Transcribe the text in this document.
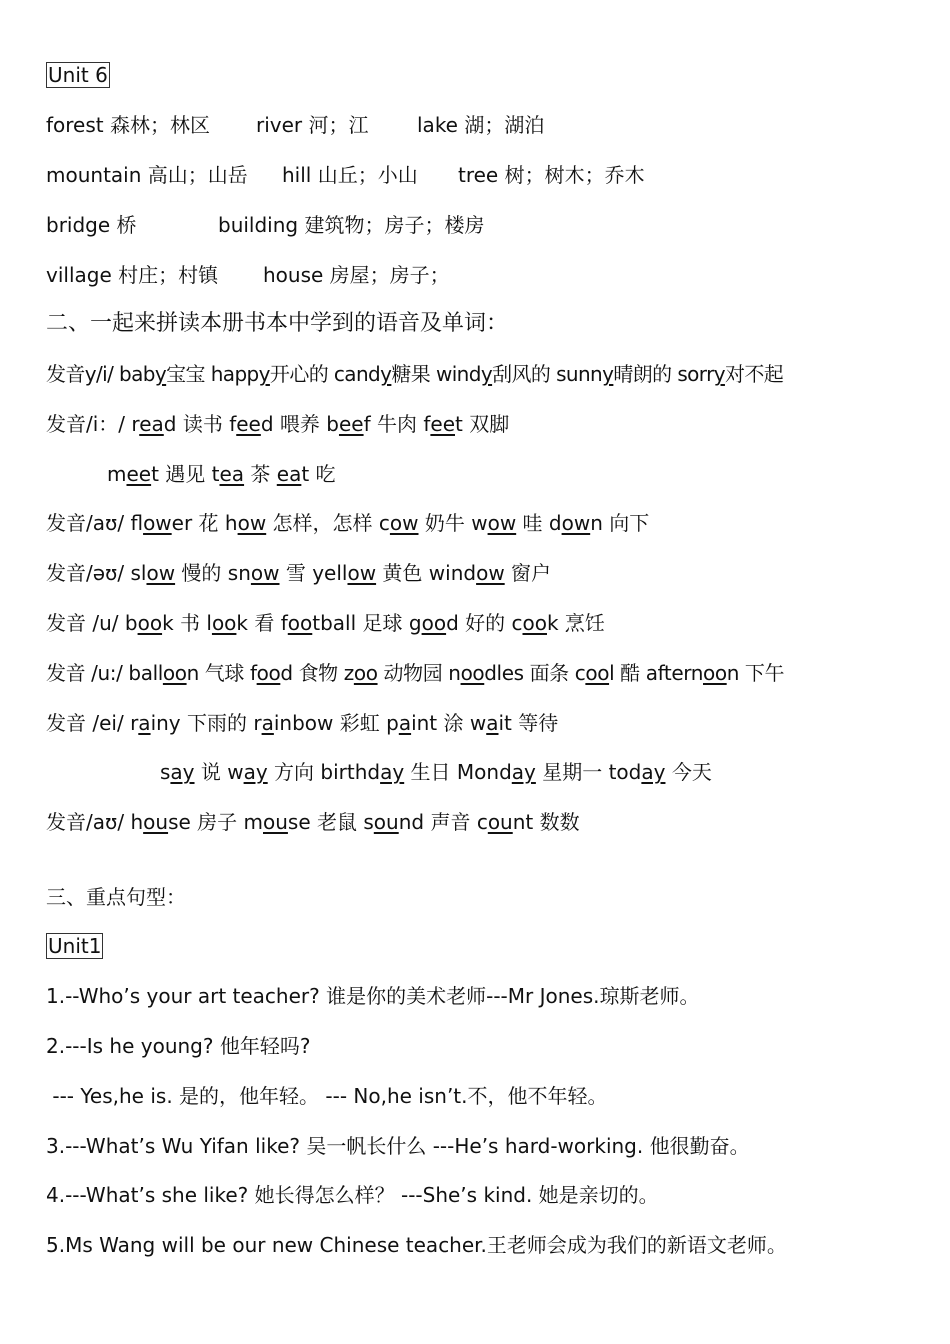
Unit 6
forest 森林；林区 river 河；江 lake 湖；湖泊
mountain 高山；山岳 hill 山丘；小山 tree 树；树木；乔木
bridge 桥	building 建筑物；房子；楼房
village 村庄；村镇 house 房屋；房子；
二、一起来拼读本册书本中学到的语音及单词：
发音y/i/ baby宝宝 happy开心的 candy糖果 windy刮风的 sunny晴朗的 sorry对不起
发音/i：/ read 读书 feed 喂养 beef 牛肉 feet 双脚
meet 遇见 tea 茶 eat 吃
发音/aʊ/ flower 花 how 怎样，怎样 cow 奶牛 wow 哇 down 向下
发音/əʊ/ slow 慢的 snow 雪 yellow 黄色 window 窗户
发音 /u/ book 书 look 看 football 足球 good 好的 cook 烹饪
发音 /u:/ balloon 气球 food 食物 zoo 动物园 noodles 面条 cool 酷 afternoon 下午
发音 /ei/ rainy 下雨的 rainbow 彩虹 paint 涂 wait 等待
say 说 way 方向 birthday 生日 Monday 星期一 today 今天
发音/aʊ/ house 房子 mouse 老鼠 sound 声音 count 数数
三、重点句型：
Unit1
1.--Who’s your art teacher? 谁是你的美术老师---Mr Jones.琼斯老师。
2.---Is he young? 他年轻吗?
--- Yes,he is. 是的，他年轻。 --- No,he isn’t.不，他不年轻。
3.---What’s Wu Yifan like? 吴一帆长什么 ---He’s hard-working. 他很勤奋。
4.---What’s she like? 她长得怎么样？ ---She’s kind. 她是亲切的。
5.Ms Wang will be our new Chinese teacher.王老师会成为我们的新语文老师。
